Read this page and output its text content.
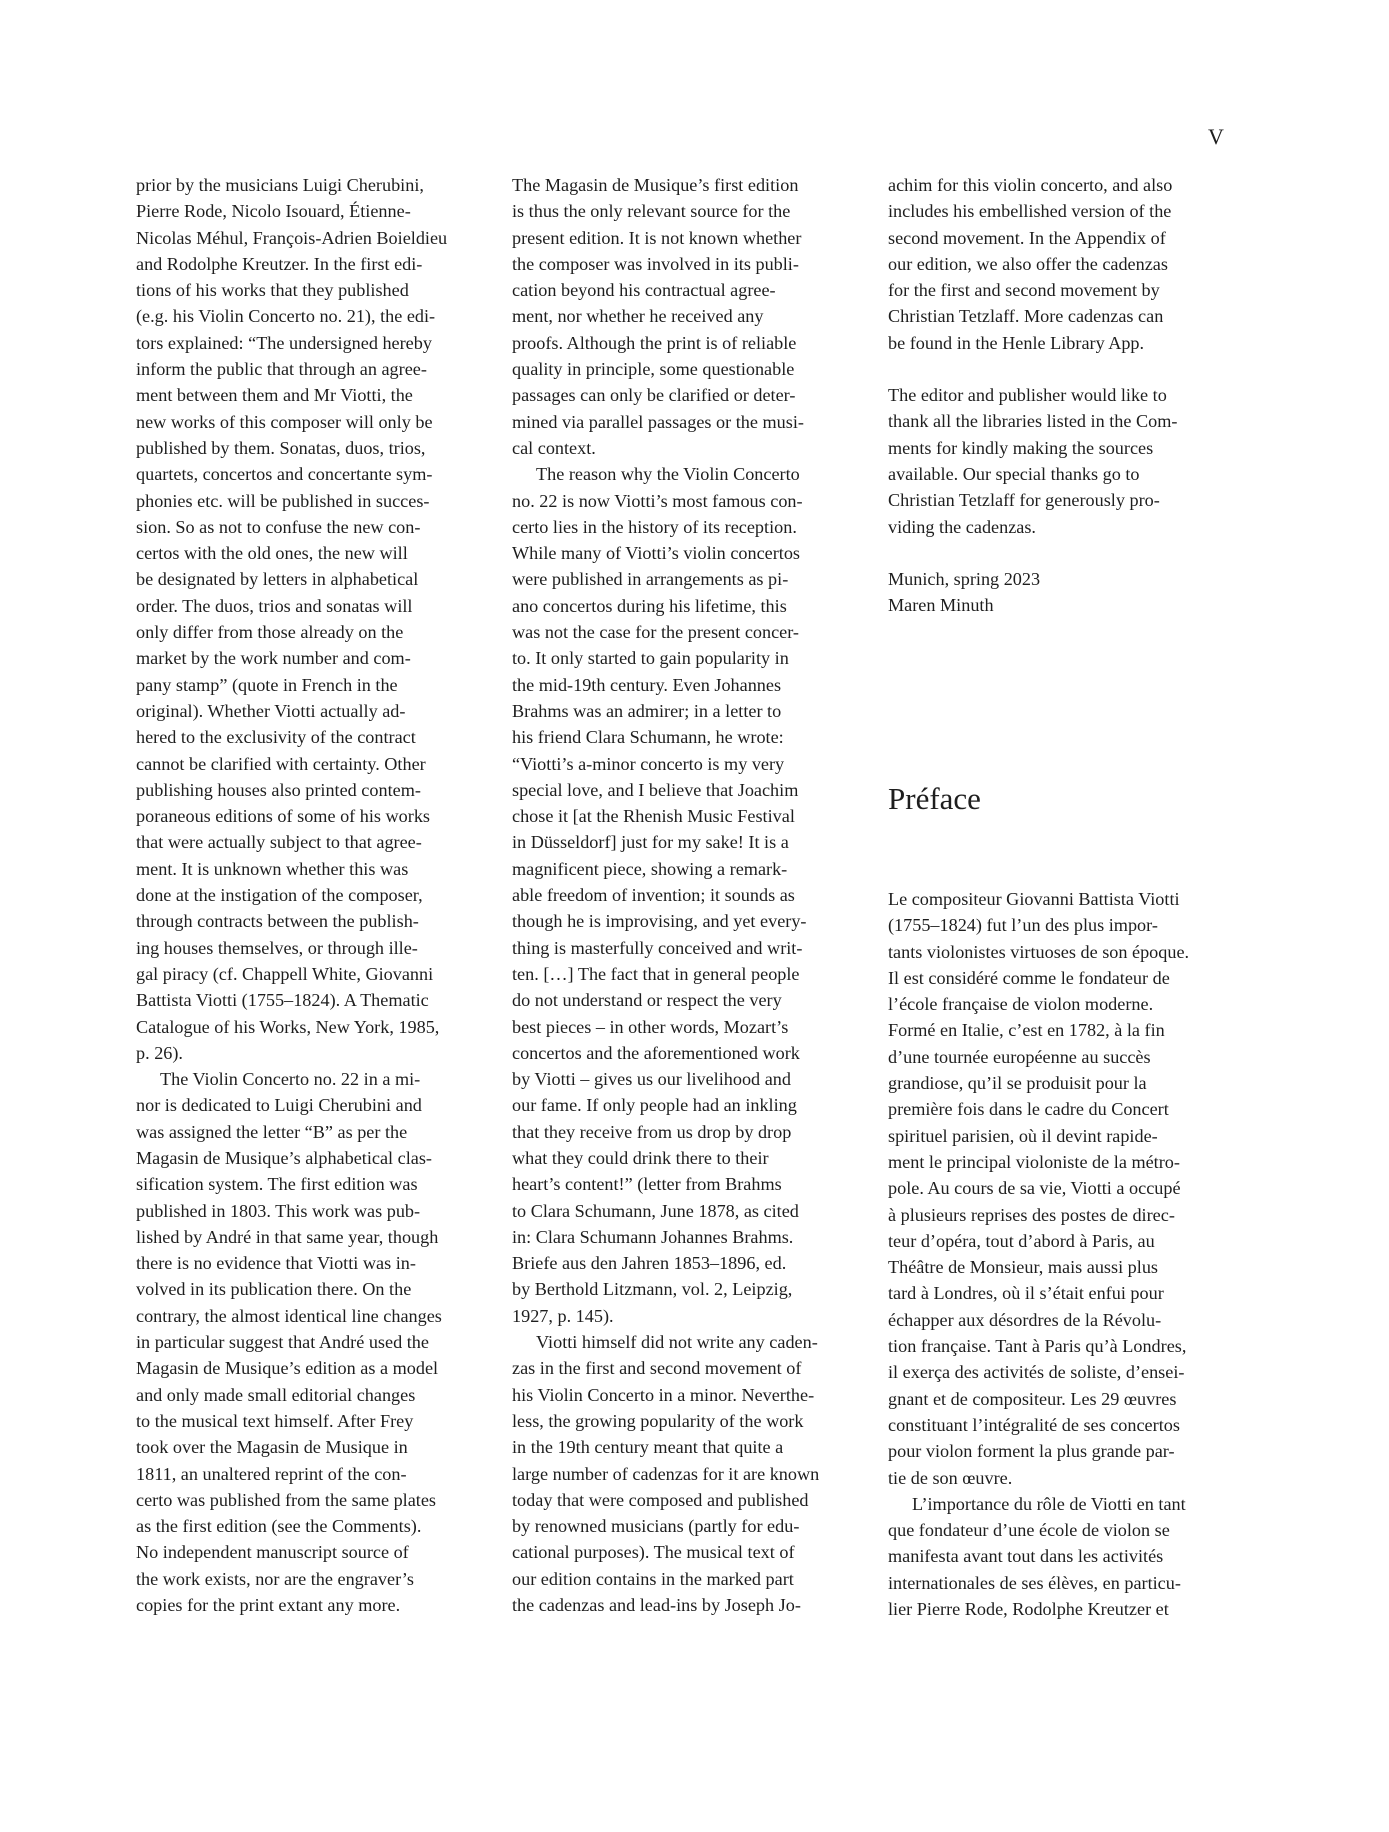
V

prior by the musicians Luigi Cherubini,
Pierre Rode, Nicolo Isouard, Étienne-
Nicolas Méhul, François-Adrien Boieldieu
and Rodolphe Kreutzer. In the first edi-
tions of his works that they published
(e.g. his Violin Concerto no. 21), the edi-
tors explained: “The undersigned hereby
inform the public that through an agree-
ment between them and Mr Viotti, the
new works of this composer will only be
published by them. Sonatas, duos, trios,
quartets, concertos and concertante sym-
phonies etc. will be published in succes-
sion. So as not to confuse the new con-
certos with the old ones, the new will
be designated by letters in alphabetical
order. The duos, trios and sonatas will
only differ from those already on the
market by the work number and com-
pany stamp” (quote in French in the
original). Whether Viotti actually ad-
hered to the exclusivity of the contract
cannot be clarified with certainty. Other
publishing houses also printed contem-
poraneous editions of some of his works
that were actually subject to that agree-
ment. It is unknown whether this was
done at the instigation of the composer,
through contracts between the publish-
ing houses themselves, or through ille-
gal piracy (cf. Chappell White, Giovanni
Battista Viotti (1755–1824). A Thematic
Catalogue of his Works, New York, 1985,
p. 26).

The Violin Concerto no. 22 in a mi-
nor is dedicated to Luigi Cherubini and
was assigned the letter “B” as per the
Magasin de Musique’s alphabetical clas-
sification system. The first edition was
published in 1803. This work was pub-
lished by André in that same year, though
there is no evidence that Viotti was in-
volved in its publication there. On the
contrary, the almost identical line changes
in particular suggest that André used the
Magasin de Musique’s edition as a model
and only made small editorial changes
to the musical text himself. After Frey
took over the Magasin de Musique in
1811, an unaltered reprint of the con-
certo was published from the same plates
as the first edition (see the Comments).
No independent manuscript source of
the work exists, nor are the engraver’s
copies for the print extant any more.

The Magasin de Musique’s first edition
is thus the only relevant source for the
present edition. It is not known whether
the composer was involved in its publi-
cation beyond his contractual agree-
ment, nor whether he received any
proofs. Although the print is of reliable
quality in principle, some questionable
passages can only be clarified or deter-
mined via parallel passages or the musi-
cal context.

The reason why the Violin Concerto
no. 22 is now Viotti’s most famous con-
certo lies in the history of its reception.
While many of Viotti’s violin concertos
were published in arrangements as pi-
ano concertos during his lifetime, this
was not the case for the present concer-
to. It only started to gain popularity in
the mid-19th century. Even Johannes
Brahms was an admirer; in a letter to
his friend Clara Schumann, he wrote:
“Viotti’s a-minor concerto is my very
special love, and I believe that Joachim
chose it [at the Rhenish Music Festival
in Düsseldorf] just for my sake! It is a
magnificent piece, showing a remark-
able freedom of invention; it sounds as
though he is improvising, and yet every-
thing is masterfully conceived and writ-
ten. […] The fact that in general people
do not understand or respect the very
best pieces – in other words, Mozart’s
concertos and the aforementioned work
by Viotti – gives us our livelihood and
our fame. If only people had an inkling
that they receive from us drop by drop
what they could drink there to their
heart’s content!” (letter from Brahms
to Clara Schumann, June 1878, as cited
in: Clara Schumann Johannes Brahms.
Briefe aus den Jahren 1853–1896, ed.
by Berthold Litzmann, vol. 2, Leipzig,
1927, p. 145).

Viotti himself did not write any caden-
zas in the first and second movement of
his Violin Concerto in a minor. Neverthe-
less, the growing popularity of the work
in the 19th century meant that quite a
large number of cadenzas for it are known
today that were composed and published
by renowned musicians (partly for edu-
cational purposes). The musical text of
our edition contains in the marked part
the cadenzas and lead-ins by Joseph Jo-

achim for this violin concerto, and also
includes his embellished version of the
second movement. In the Appendix of
our edition, we also offer the cadenzas
for the first and second movement by
Christian Tetzlaff. More cadenzas can
be found in the Henle Library App.

The editor and publisher would like to
thank all the libraries listed in the Com-
ments for kindly making the sources
available. Our special thanks go to
Christian Tetzlaff for generously pro-
viding the cadenzas.

Munich, spring 2023

Maren Minuth

Préface

Le compositeur Giovanni Battista Viotti
(1755–1824) fut l’un des plus impor-
tants violonistes virtuoses de son époque.
Il est considéré comme le fondateur de
l’école française de violon moderne.
Formé en Italie, c’est en 1782, à la fin
d’une tournée européenne au succès
grandiose, qu’il se produisit pour la
première fois dans le cadre du Concert
spirituel parisien, où il devint rapide-
ment le principal violoniste de la métro-
pole. Au cours de sa vie, Viotti a occupé
à plusieurs reprises des postes de direc-
teur d’opéra, tout d’abord à Paris, au
Théâtre de Monsieur, mais aussi plus
tard à Londres, où il s’était enfui pour
échapper aux désordres de la Révolu-
tion française. Tant à Paris qu’à Londres,
il exerça des activités de soliste, d’ensei-
gnant et de compositeur. Les 29 œuvres
constituant l’intégralité de ses concertos
pour violon forment la plus grande par-
tie de son œuvre.

L’importance du rôle de Viotti en tant
que fondateur d’une école de violon se
manifesta avant tout dans les activités
internationales de ses élèves, en particu-
lier Pierre Rode, Rodolphe Kreutzer et
